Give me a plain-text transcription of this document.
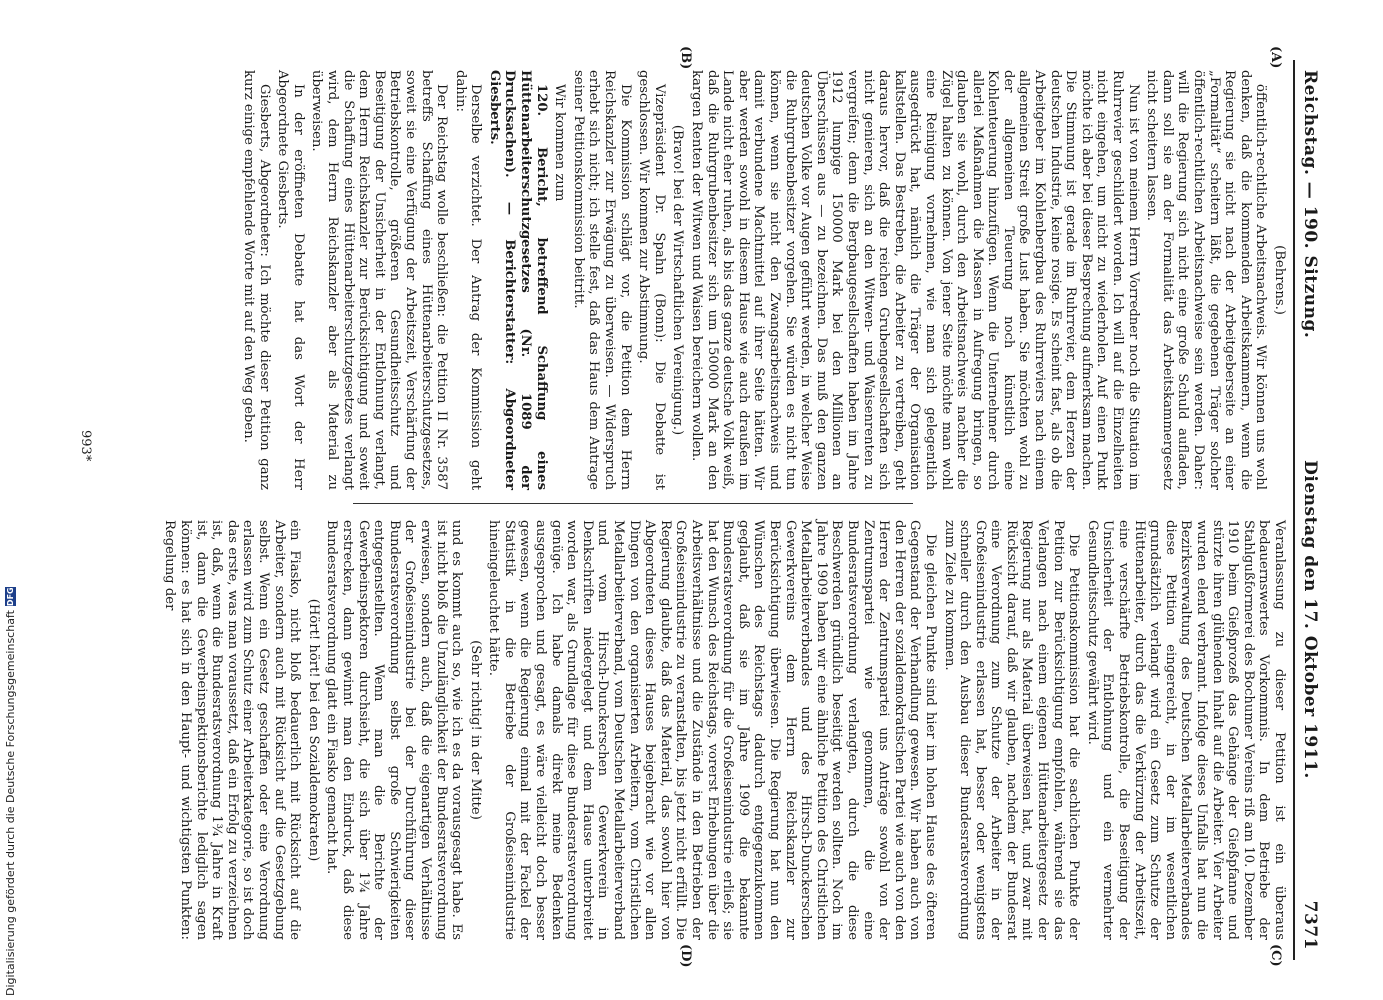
Reichstag. — 190. Sitzung.
Dienstag den 17. Oktober 1911.
7371
(A)
(B)
(C)
(D)

(Behrens.)

öffentlich-rechtliche Arbeitsnachweis. Wir können uns wohl denken, daß die kommenden Arbeitskammern, wenn die Regierung sie nicht nach der Arbeitgeberseite an einer „Formalität“ scheitern läßt, die gegebenen Träger solcher öffentlich-rechtlichen Arbeitsnachweise sein werden. Daher: will die Regierung sich nicht eine große Schuld aufladen, dann soll sie an der Formalität das Arbeitskammergesetz nicht scheitern lassen.

Nun ist von meinem Herrn Vorredner noch die Situation im Ruhrrevier geschildert worden. Ich will auf die Einzelheiten nicht eingehen, um nicht zu wiederholen. Auf einen Punkt möchte ich aber bei dieser Besprechung aufmerksam machen. Die Stimmung ist gerade im Ruhrrevier, dem Herzen der deutschen Industrie, keine rosige. Es scheint fast, als ob die Arbeitgeber im Kohlenbergbau des Ruhrreviers nach einem allgemeinen Streit große Lust haben. Sie möchten wohl zu der allgemeinen Teuerung noch künstlich eine Kohlenteuerung hinzufügen. Wenn die Unternehmer durch allerlei Maßnahmen die Massen in Aufregung bringen, so glauben sie wohl, durch den Arbeitsnachweis nachher die Zügel halten zu können. Von jener Seite möchte man wohl eine Reinigung vornehmen, wie man sich gelegentlich ausgedrückt hat, nämlich die Träger der Organisation kaltstellen. Das Bestreben, die Arbeiter zu vertreiben, geht daraus hervor, daß die reichen Grubengesellschaften sich nicht genieren, sich an den Witwen- und Waisenrenten zu vergreifen; denn die Bergbaugesellschaften haben im Jahre 1912 lumpige 150000 Mark bei den Millionen an Überschüssen aus — zu bezeichnen. Das muß den ganzen deutschen Volke vor Augen geführt werden, in welcher Weise die Ruhrgrubenbesitzer vorgehen. Sie würden es nicht tun können, wenn sie nicht den Zwangsarbeitsnachweis und damit verbundene Machtmittel auf ihrer Seite hätten. Wir aber werden sowohl in diesem Hause wie auch draußen im Lande nicht eher ruhen, als bis das ganze deutsche Volk weiß, daß die Ruhrgrubenbesitzer sich um 150000 Mark an den kargen Renten der Witwen und Waisen bereichern wollen.

(Bravo! bei der Wirtschaftlichen Vereinigung.)

Vizepräsident Dr. Spahn (Bonn): Die Debatte ist geschlossen. Wir kommen zur Abstimmung.

Die Kommission schlägt vor, die Petition dem Herrn Reichskanzler zur Erwägung zu überweisen. — Widerspruch erhebt sich nicht; ich stelle fest, daß das Haus dem Antrage seiner Petitionskommission beitritt.

Wir kommen zum

120. Bericht, betreffend Schaffung eines Hüttenarbeiterschutzgesetzes (Nr. 1089 der Drucksachen). — Berichterstatter: Abgeordneter Giesberts.

Derselbe verzichtet. Der Antrag der Kommission geht dahin:

Der Reichstag wolle beschließen: die Petition II Nr. 3587 betreffs Schaffung eines Hüttenarbeiterschutzgesetzes, soweit sie eine Verfügung der Arbeitszeit, Verschärfung der Betriebskontrolle, größeren Gesundheitsschutz und Beseitigung der Unsicherheit in der Entlohnung verlangt, dem Herrn Reichskanzler zur Berücksichtigung und soweit die Schaffung eines Hüttenarbeiterschutzgesetzes verlangt wird, dem Herrn Reichskanzler aber als Material zu überweisen.

In der eröffneten Debatte hat das Wort der Herr Abgeordnete Giesberts.

Giesberts, Abgeordneter: Ich möchte dieser Petition ganz kurz einige empfehlende Worte mit auf den Weg geben.

Veranlassung zu dieser Petition ist ein überaus bedauernswertes Vorkommnis. In dem Betriebe der Stahlgußformerei des Bochumer Vereins riß am 10. Dezember 1910 beim Gießprozeß das Gehänge der Gießpfanne und stürzte ihren glühenden Inhalt auf die Arbeiter. Vier Arbeiter wurden elend verbrannt. Infolge dieses Unfalls hat nun die Bezirksverwaltung des Deutschen Metallarbeiterverbandes diese Petition eingereicht, in der im wesentlichen grundsätzlich verlangt wird ein Gesetz zum Schutze der Hüttenarbeiter, durch das die Verkürzung der Arbeitszeit, eine verschärfte Betriebskontrolle, die Beseitigung der Unsicherheit der Entlohnung und ein vermehrter Gesundheitsschutz gewährt wird.

Die Petitionskommission hat die sachlichen Punkte der Petition zur Berücksichtigung empfohlen, während sie das Verlangen nach einem eigenen Hüttenarbeitergesetz der Regierung nur als Material überweisen hat, und zwar mit Rücksicht darauf, daß wir glauben, nachdem der Bundesrat eine Verordnung zum Schutze der Arbeiter in der Großeisenindustrie erlassen hat, besser oder wenigstens schneller durch den Ausbau dieser Bundesratsverordnung zum Ziele zu kommen.

Die gleichen Punkte sind hier im hohen Hause des öfteren Gegenstand der Verhandlung gewesen. Wir haben auch von den Herren der sozialdemokratischen Partei wie auch von den Herren der Zentrumspartei uns Anträge sowohl von der Zentrumspartei wie genommen, die eine Bundesratsverordnung verlangten, durch die diese Beschwerden gründlich beseitigt werden sollten. Noch im Jahre 1909 haben wir eine ähnliche Petition des Christlichen Metallarbeiterverbandes und des Hirsch-Dunckerschen Gewerkvereins dem Herrn Reichskanzler zur Berücksichtigung überwiesen. Die Regierung hat nun den Wünschen des Reichstags dadurch entgegenzukommen geglaubt, daß sie im Jahre 1909 die bekannte Bundesratsverordnung für die Großeisenindustrie erließ; sie hat den Wunsch des Reichstags, vorerst Erhebungen über die Arbeitsverhältnisse und die Zustände in den Betrieben der Großeisenindustrie zu veranstalten, bis jetzt nicht erfüllt. Die Regierung glaubte, daß das Material, das sowohl hier von Abgeordneten dieses Hauses beigebracht wie vor allen Dingen von den organisierten Arbeitern, vom Christlichen Metallarbeiterverband, vom Deutschen Metallarbeiterverband und vom Hirsch-Dunckerschen Gewerkverein in Denkschriften niedergelegt und dem Hause unterbreitet worden war, als Grundlage für diese Bundesratsverordnung genüge. Ich habe damals direkt meine Bedenken ausgesprochen und gesagt, es wäre vielleicht doch besser gewesen, wenn die Regierung einmal mit der Fackel der Statistik in die Betriebe der Großeisenindustrie hineingeleuchtet hätte.

(Sehr richtig! in der Mitte)

und es kommt auch so, wie ich es da vorausgesagt habe. Es ist nicht bloß die Unzulänglichkeit der Bundesratsverordnung erwiesen, sondern auch, daß die eigenartigen Verhältnisse der Großeisenindustrie bei der Durchführung dieser Bundesratsverordnung selbst große Schwierigkeiten entgegenstellten. Wenn man die Berichte der Gewerbeinspektoren durchsieht, die sich über 1¾ Jahre erstrecken, dann gewinnt man den Eindruck, daß diese Bundesratsverordnung glatt ein Fiasko gemacht hat.

(Hört! hört! bei den Sozialdemokraten)

ein Fiasko, nicht bloß bedauerlich mit Rücksicht auf die Arbeiter, sondern auch mit Rücksicht auf die Gesetzgebung selbst. Wenn ein Gesetz geschaffen oder eine Verordnung erlassen wird zum Schutz einer Arbeiterkategorie, so ist doch das erste, was man voraussetzt, daß ein Erfolg zu verzeichnen ist, daß, wenn die Bundesratsverordnung 1¾ Jahre in Kraft ist, dann die Gewerbeinspektionsberichte lediglich sagen können: es hat sich in den Haupt- und wichtigsten Punkten: Regelung der

993*
Digitalisierung gefördert durch die Deutsche Forschungsgemeinschaft
DFG
